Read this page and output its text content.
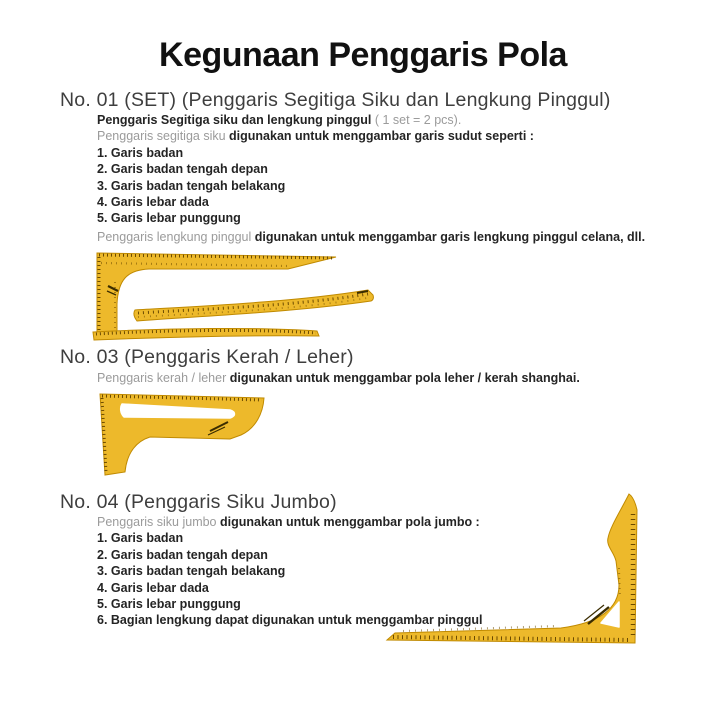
Kegunaan Penggaris Pola
No. 01 (SET) (Penggaris Segitiga Siku dan Lengkung Pinggul)
Penggaris Segitiga siku dan lengkung pinggul ( 1 set = 2 pcs).
Penggaris segitiga siku digunakan untuk menggambar garis sudut seperti :
1. Garis badan
2. Garis badan tengah depan
3. Garis badan tengah belakang
4. Garis lebar dada
5. Garis lebar punggung
Penggaris lengkung pinggul digunakan untuk menggambar garis lengkung pinggul celana, dll.
No. 03 (Penggaris Kerah / Leher)
Penggaris kerah / leher digunakan untuk menggambar pola leher / kerah shanghai.
No. 04 (Penggaris Siku Jumbo)
Penggaris siku jumbo digunakan untuk menggambar pola jumbo :
1. Garis badan
2. Garis badan tengah depan
3. Garis badan tengah belakang
4. Garis lebar dada
5. Garis lebar punggung
6. Bagian lengkung dapat digunakan untuk menggambar pinggul
